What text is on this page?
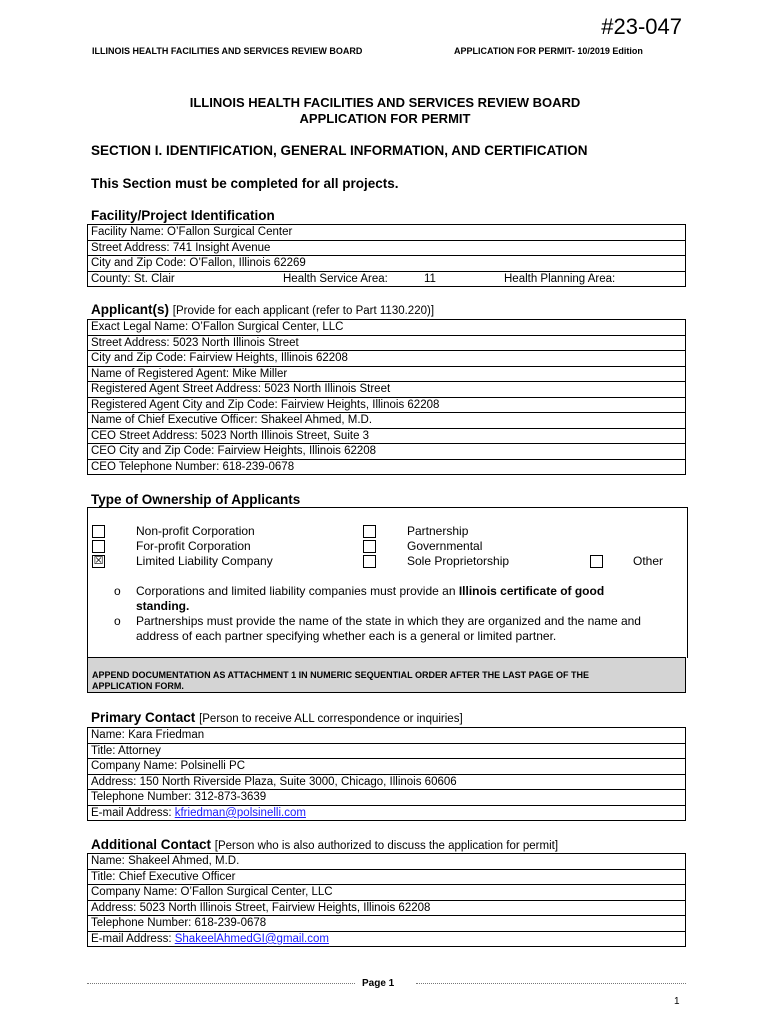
#23-047
ILLINOIS HEALTH FACILITIES AND SERVICES REVIEW BOARD	APPLICATION FOR PERMIT- 10/2019 Edition
ILLINOIS HEALTH FACILITIES AND SERVICES REVIEW BOARD
APPLICATION FOR PERMIT
SECTION I. IDENTIFICATION, GENERAL INFORMATION, AND CERTIFICATION
This Section must be completed for all projects.
Facility/Project Identification
Facility Name: O’Fallon Surgical Center
Street Address: 741 Insight Avenue
City and Zip Code: O’Fallon, Illinois 62269
County: St. Clair	Health Service Area:	11	Health Planning Area:
Applicant(s) [Provide for each applicant (refer to Part 1130.220)]
Exact Legal Name: O’Fallon Surgical Center, LLC
Street Address: 5023 North Illinois Street
City and Zip Code: Fairview Heights, Illinois 62208
Name of Registered Agent: Mike Miller
Registered Agent Street Address: 5023 North Illinois Street
Registered Agent City and Zip Code: Fairview Heights, Illinois 62208
Name of Chief Executive Officer: Shakeel Ahmed, M.D.
CEO Street Address: 5023 North Illinois Street, Suite 3
CEO City and Zip Code: Fairview Heights, Illinois 62208
CEO Telephone Number: 618-239-0678
Type of Ownership of Applicants
☒
Non-profit Corporation
For-profit Corporation
Limited Liability Company
Partnership
Governmental
Sole Proprietorship	Other
o Corporations and limited liability companies must provide an Illinois certificate of good
standing.
o Partnerships must provide the name of the state in which they are organized and the name and
address of each partner specifying whether each is a general or limited partner.
APPEND DOCUMENTATION AS ATTACHMENT 1 IN NUMERIC SEQUENTIAL ORDER AFTER THE LAST PAGE OF THE
APPLICATION FORM.
Primary Contact [Person to receive ALL correspondence or inquiries]
Name: Kara Friedman
Title: Attorney
Company Name: Polsinelli PC
Address: 150 North Riverside Plaza, Suite 3000, Chicago, Illinois 60606
Telephone Number: 312-873-3639
E-mail Address: kfriedman@polsinelli.com
Additional Contact [Person who is also authorized to discuss the application for permit]
Name: Shakeel Ahmed, M.D.
Title: Chief Executive Officer
Company Name: O’Fallon Surgical Center, LLC
Address: 5023 North Illinois Street, Fairview Heights, Illinois 62208
Telephone Number: 618-239-0678
E-mail Address: ShakeelAhmedGI@gmail.com
Page 1
1
